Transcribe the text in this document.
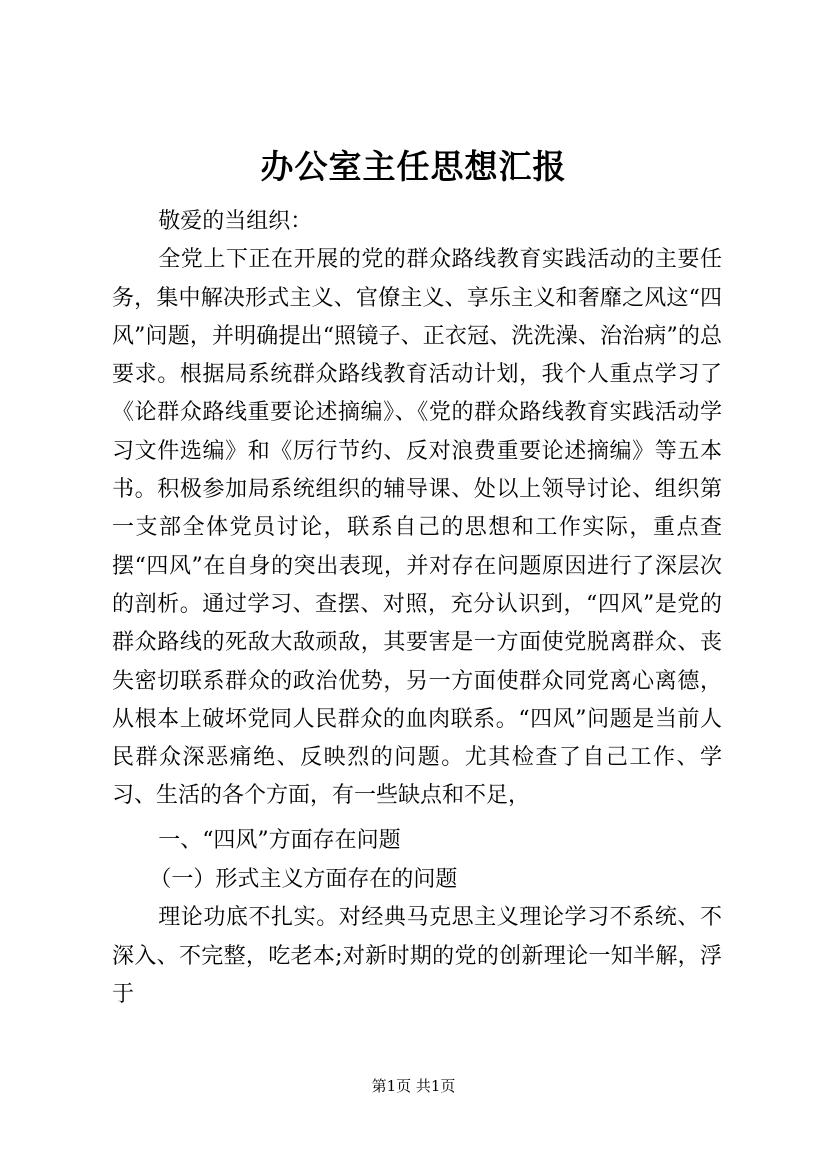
办公室主任思想汇报

敬爱的当组织：

全党上下正在开展的党的群众路线教育实践活动的主要任务，集中解决形式主义、官僚主义、享乐主义和奢靡之风这“四风”问题，并明确提出“照镜子、正衣冠、洗洗澡、治治病”的总要求。根据局系统群众路线教育活动计划，我个人重点学习了《论群众路线重要论述摘编》、《党的群众路线教育实践活动学习文件选编》和《厉行节约、反对浪费重要论述摘编》等五本书。积极参加局系统组织的辅导课、处以上领导讨论、组织第一支部全体党员讨论，联系自己的思想和工作实际，重点查摆“四风”在自身的突出表现，并对存在问题原因进行了深层次的剖析。通过学习、查摆、对照，充分认识到，“四风”是党的群众路线的死敌大敌顽敌，其要害是一方面使党脱离群众、丧失密切联系群众的政治优势，另一方面使群众同党离心离德，从根本上破坏党同人民群众的血肉联系。“四风”问题是当前人民群众深恶痛绝、反映烈的问题。尤其检查了自己工作、学习、生活的各个方面，有一些缺点和不足，

一、“四风”方面存在问题

（一）形式主义方面存在的问题

理论功底不扎实。对经典马克思主义理论学习不系统、不深入、不完整，吃老本;对新时期的党的创新理论一知半解，浮于

第1页 共1页
